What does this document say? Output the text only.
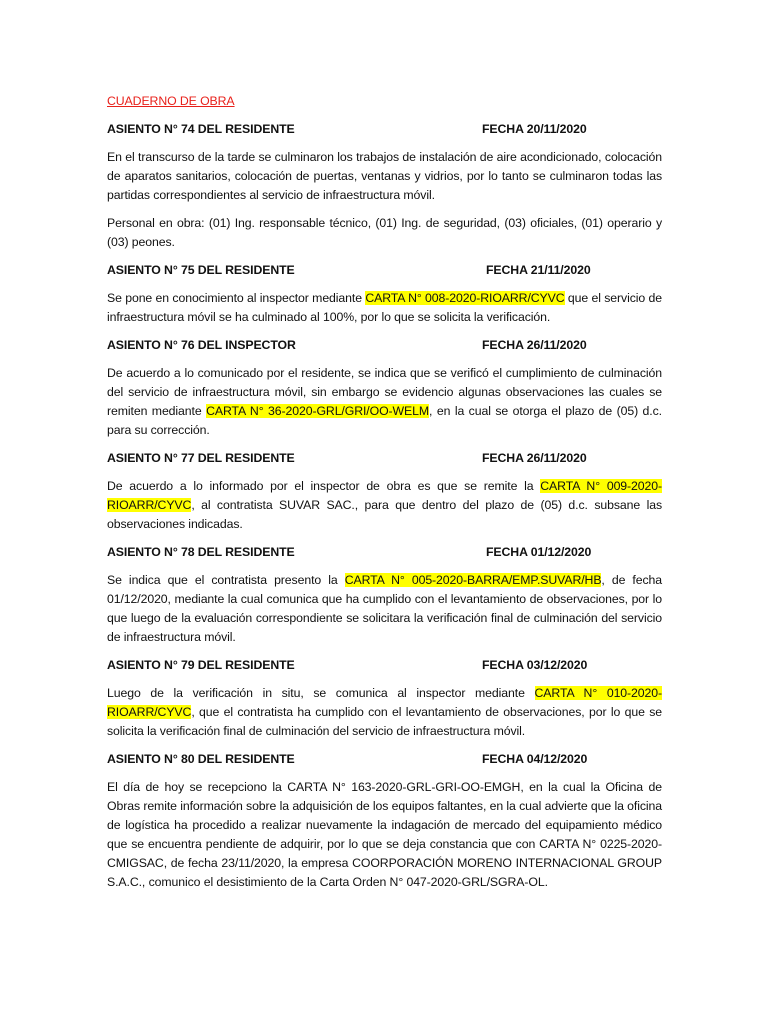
CUADERNO DE OBRA
ASIENTO N° 74 DEL RESIDENTE	FECHA 20/11/2020

En el transcurso de la tarde se culminaron los trabajos de instalación de aire acondicionado, colocación de aparatos sanitarios, colocación de puertas, ventanas y vidrios, por lo tanto se culminaron todas las partidas correspondientes al servicio de infraestructura móvil.

Personal en obra: (01) Ing. responsable técnico, (01) Ing. de seguridad, (03) oficiales, (01) operario y (03) peones.

ASIENTO N° 75 DEL RESIDENTE	FECHA 21/11/2020

Se pone en conocimiento al inspector mediante CARTA N° 008-2020-RIOARR/CYVC que el servicio de infraestructura móvil se ha culminado al 100%, por lo que se solicita la verificación.

ASIENTO N° 76 DEL INSPECTOR	FECHA 26/11/2020

De acuerdo a lo comunicado por el residente, se indica que se verificó el cumplimiento de culminación del servicio de infraestructura móvil, sin embargo se evidencio algunas observaciones las cuales se remiten mediante CARTA N° 36-2020-GRL/GRI/OO-WELM, en la cual se otorga el plazo de (05) d.c. para su corrección.

ASIENTO N° 77 DEL RESIDENTE	FECHA 26/11/2020

De acuerdo a lo informado por el inspector de obra es que se remite la CARTA N° 009-2020-RIOARR/CYVC, al contratista SUVAR SAC., para que dentro del plazo de (05) d.c. subsane las observaciones indicadas.

ASIENTO N° 78 DEL RESIDENTE	FECHA 01/12/2020

Se indica que el contratista presento la CARTA N° 005-2020-BARRA/EMP.SUVAR/HB, de fecha 01/12/2020, mediante la cual comunica que ha cumplido con el levantamiento de observaciones, por lo que luego de la evaluación correspondiente se solicitara la verificación final de culminación del servicio de infraestructura móvil.

ASIENTO N° 79 DEL RESIDENTE	FECHA 03/12/2020

Luego de la verificación in situ, se comunica al inspector mediante CARTA N° 010-2020-RIOARR/CYVC, que el contratista ha cumplido con el levantamiento de observaciones, por lo que se solicita la verificación final de culminación del servicio de infraestructura móvil.

ASIENTO N° 80 DEL RESIDENTE	FECHA 04/12/2020

El día de hoy se recepciono la CARTA N° 163-2020-GRL-GRI-OO-EMGH, en la cual la Oficina de Obras remite información sobre la adquisición de los equipos faltantes, en la cual advierte que la oficina de logística ha procedido a realizar nuevamente la indagación de mercado del equipamiento médico que se encuentra pendiente de adquirir, por lo que se deja constancia que con CARTA N° 0225-2020-CMIGSAC, de fecha 23/11/2020, la empresa COORPORACIÓN MORENO INTERNACIONAL GROUP S.A.C., comunico el desistimiento de la Carta Orden N° 047-2020-GRL/SGRA-OL.
